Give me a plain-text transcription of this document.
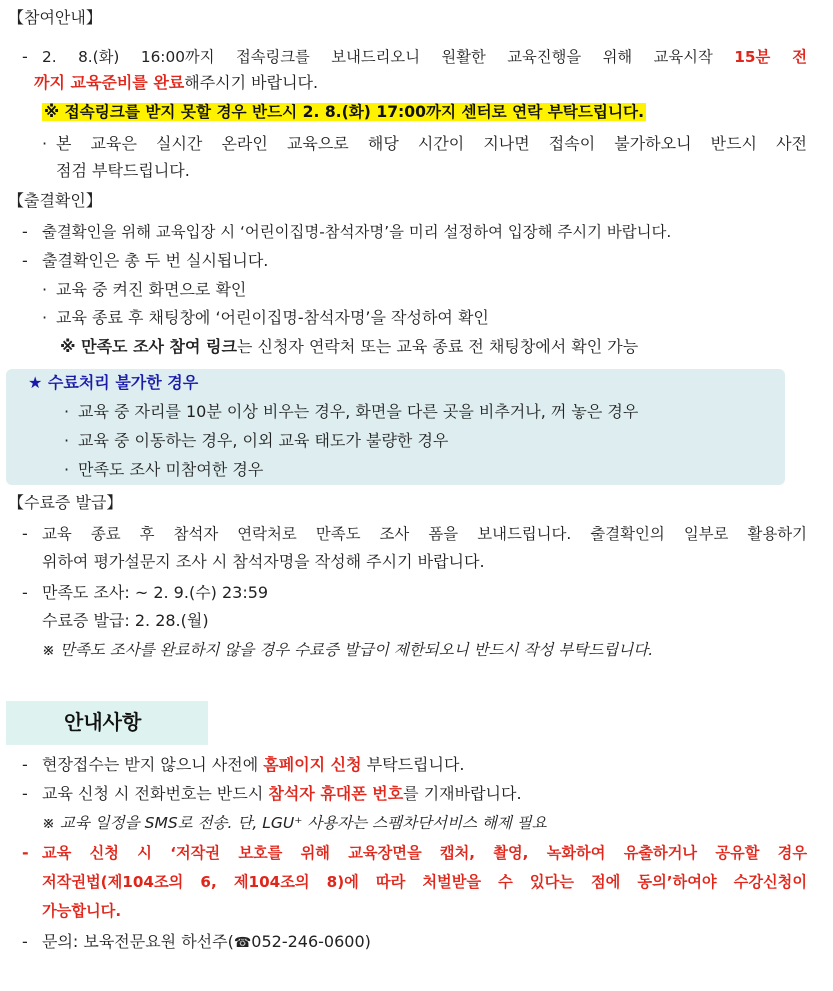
【참여안내】
- 2. 8.(화) 16:00까지 접속링크를 보내드리오니 원활한 교육진행을 위해 교육시작 15분 전
까지 교육준비를 완료해주시기 바랍니다.
※ 접속링크를 받지 못할 경우 반드시 2. 8.(화) 17:00까지 센터로 연락 부탁드립니다.
· 본 교육은 실시간 온라인 교육으로 해당 시간이 지나면 접속이 불가하오니 반드시 사전
점검 부탁드립니다.
【출결확인】
- 출결확인을 위해 교육입장 시 ‘어린이집명-참석자명’을 미리 설정하여 입장해 주시기 바랍니다.
- 출결확인은 총 두 번 실시됩니다.
· 교육 중 켜진 화면으로 확인
· 교육 종료 후 채팅창에 ‘어린이집명-참석자명’을 작성하여 확인
※ 만족도 조사 참여 링크는 신청자 연락처 또는 교육 종료 전 채팅창에서 확인 가능
★ 수료처리 불가한 경우
· 교육 중 자리를 10분 이상 비우는 경우, 화면을 다른 곳을 비추거나, 꺼 놓은 경우
· 교육 중 이동하는 경우, 이외 교육 태도가 불량한 경우
· 만족도 조사 미참여한 경우
【수료증 발급】
- 교육 종료 후 참석자 연락처로 만족도 조사 폼을 보내드립니다. 출결확인의 일부로 활용하기
위하여 평가설문지 조사 시 참석자명을 작성해 주시기 바랍니다.
- 만족도 조사: ~ 2. 9.(수) 23:59
수료증 발급: 2. 28.(월)
※ 만족도 조사를 완료하지 않을 경우 수료증 발급이 제한되오니 반드시 작성 부탁드립니다.
안내사항
- 현장접수는 받지 않으니 사전에 홈페이지 신청 부탁드립니다.
- 교육 신청 시 전화번호는 반드시 참석자 휴대폰 번호를 기재바랍니다.
※ 교육 일정을 SMS로 전송. 단, LGU⁺ 사용자는 스팸차단서비스 해제 필요
- 교육 신청 시 ‘저작권 보호를 위해 교육장면을 캡처, 촬영, 녹화하여 유출하거나 공유할 경우
저작권법(제104조의 6, 제104조의 8)에 따라 처벌받을 수 있다는 점에 동의’하여야 수강신청이
가능합니다.
- 문의: 보육전문요원 하선주(☎052-246-0600)
